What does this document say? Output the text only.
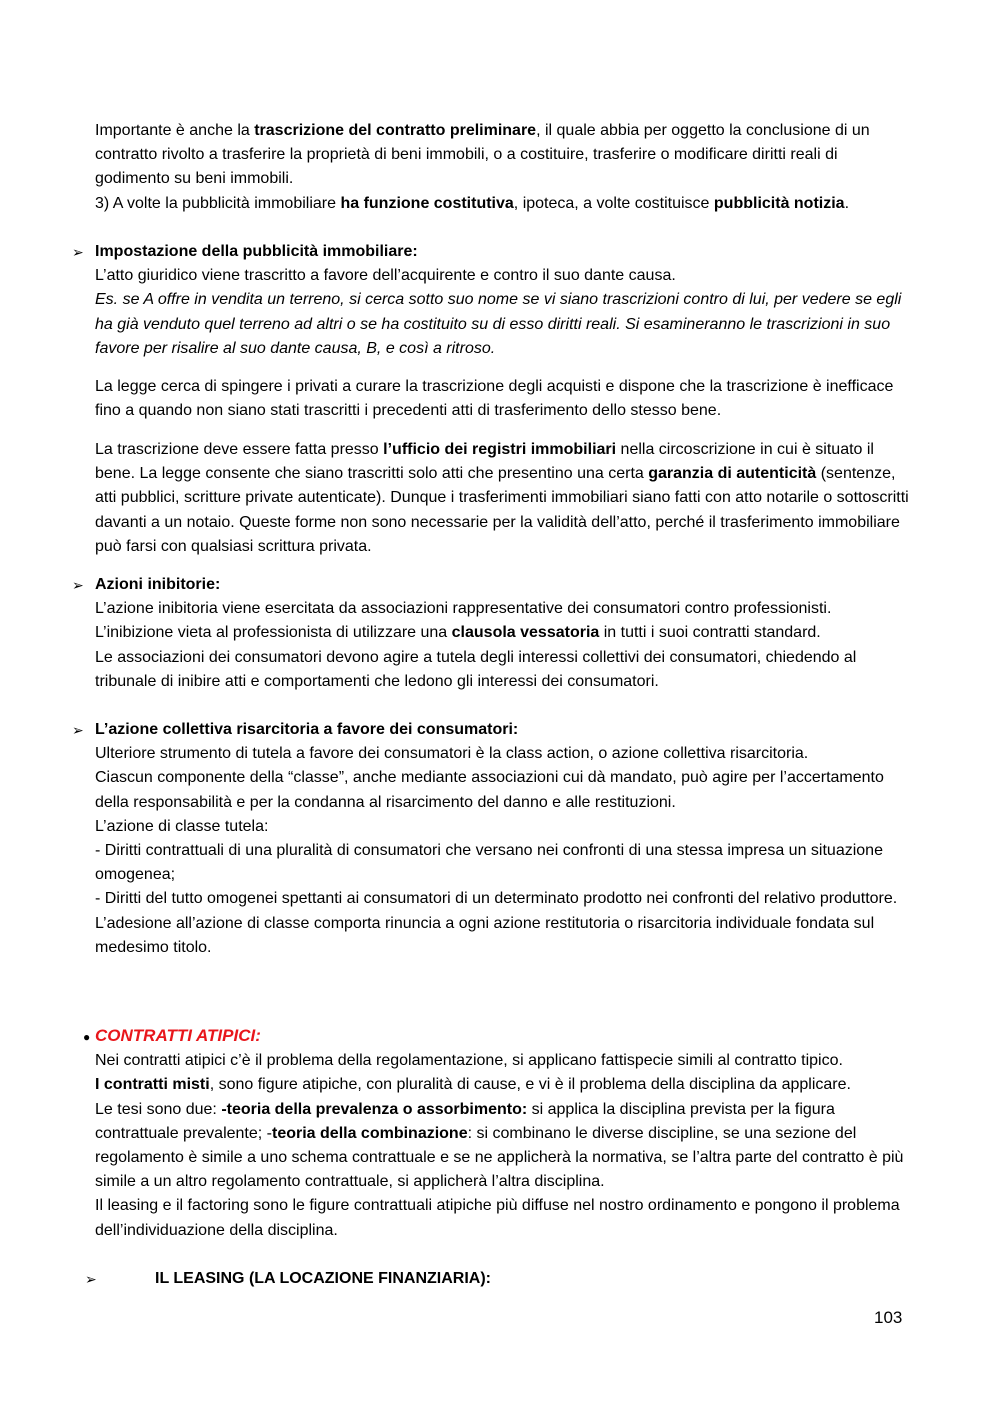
Importante è anche la trascrizione del contratto preliminare, il quale abbia per oggetto la conclusione di un contratto rivolto a trasferire la proprietà di beni immobili, o a costituire, trasferire o modificare diritti reali di godimento su beni immobili.

3) A volte la pubblicità immobiliare ha funzione costitutiva, ipoteca, a volte costituisce pubblicità notizia.

➢ Impostazione della pubblicità immobiliare:

L’atto giuridico viene trascritto a favore dell’acquirente e contro il suo dante causa.

Es. se A offre in vendita un terreno, si cerca sotto suo nome se vi siano trascrizioni contro di lui, per vedere se egli ha già venduto quel terreno ad altri o se ha costituito su di esso diritti reali. Si esamineranno le trascrizioni in suo favore per risalire al suo dante causa, B, e così a ritroso.

La legge cerca di spingere i privati a curare la trascrizione degli acquisti e dispone che la trascrizione è inefficace fino a quando non siano stati trascritti i precedenti atti di trasferimento dello stesso bene.

La trascrizione deve essere fatta presso l’ufficio dei registri immobiliari nella circoscrizione in cui è situato il bene. La legge consente che siano trascritti solo atti che presentino una certa garanzia di autenticità (sentenze, atti pubblici, scritture private autenticate). Dunque i trasferimenti immobiliari siano fatti con atto notarile o sottoscritti davanti a un notaio. Queste forme non sono necessarie per la validità dell’atto, perché il trasferimento immobiliare può farsi con qualsiasi scrittura privata.

➢ Azioni inibitorie:

L’azione inibitoria viene esercitata da associazioni rappresentative dei consumatori contro professionisti.

L’inibizione vieta al professionista di utilizzare una clausola vessatoria in tutti i suoi contratti standard.

Le associazioni dei consumatori devono agire a tutela degli interessi collettivi dei consumatori, chiedendo al tribunale di inibire atti e comportamenti che ledono gli interessi dei consumatori.

➢ L’azione collettiva risarcitoria a favore dei consumatori:

Ulteriore strumento di tutela a favore dei consumatori è la class action, o azione collettiva risarcitoria.

Ciascun componente della “classe”, anche mediante associazioni cui dà mandato, può agire per l’accertamento della responsabilità e per la condanna al risarcimento del danno e alle restituzioni.

L’azione di classe tutela:

- Diritti contrattuali di una pluralità di consumatori che versano nei confronti di una stessa impresa un situazione omogenea;

- Diritti del tutto omogenei spettanti ai consumatori di un determinato prodotto nei confronti del relativo produttore.

L’adesione all’azione di classe comporta rinuncia a ogni azione restitutoria o risarcitoria individuale fondata sul medesimo titolo.

● CONTRATTI ATIPICI:

Nei contratti atipici c’è il problema della regolamentazione, si applicano fattispecie simili al contratto tipico.

I contratti misti, sono figure atipiche, con pluralità di cause, e vi è il problema della disciplina da applicare.

Le tesi sono due: -teoria della prevalenza o assorbimento: si applica la disciplina prevista per la figura contrattuale prevalente; -teoria della combinazione: si combinano le diverse discipline, se una sezione del regolamento è simile a uno schema contrattuale e se ne applicherà la normativa, se l’altra parte del contratto è più simile a un altro regolamento contrattuale, si applicherà l’altra disciplina.

Il leasing e il factoring sono le figure contrattuali atipiche più diffuse nel nostro ordinamento e pongono il problema dell’individuazione della disciplina.

➢	IL LEASING (LA LOCAZIONE FINANZIARIA):
103
